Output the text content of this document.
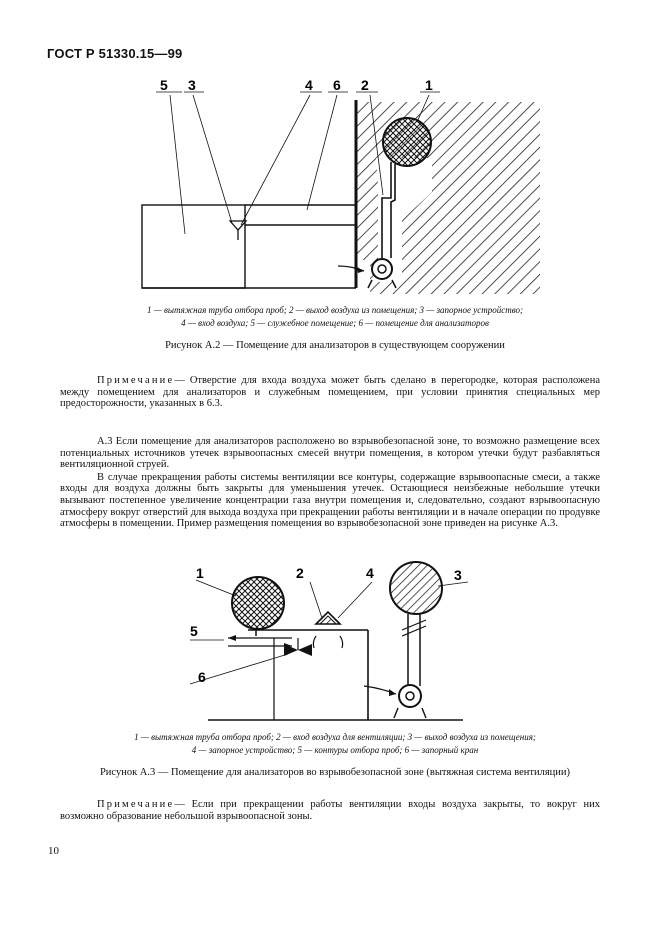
ГОСТ Р 51330.15—99
5 3	4 6 2	1
1 — вытяжная труба отбора проб; 2 — выход воздуха из помещения; 3 — запорное устройство;
4 — вход воздуха; 5 — служебное помещение; 6 — помещение для анализаторов
Рисунок А.2 — Помещение для анализаторов в существующем сооружении

Примечание— Отверстие для входа воздуха может быть сделано в перегородке, которая расположена между помещением для анализаторов и служебным помещением, при условии принятия специальных мер предосторожности, указанных в 6.3.

А.3 Если помещение для анализаторов расположено во взрывобезопасной зоне, то возможно размещение всех потенциальных источников утечек взрывоопасных смесей внутри помещения, в котором утечки будут разбавляться вентиляционной струей.

В случае прекращения работы системы вентиляции все контуры, содержащие взрывоопасные смеси, а также входы для воздуха должны быть закрыты для уменьшения утечек. Остающиеся неизбежные небольшие утечки вызывают постепенное увеличение концентрации газа внутри помещения и, следовательно, создают взрывоопасную атмосферу вокруг отверстий для выхода воздуха при прекращении работы вентиляции и в начале операции по продувке атмосферы в помещении. Пример размещения помещения во взрывобезопасной зоне приведен на рисунке А.3.

1	2	4	3
5
6
1 — вытяжная труба отбора проб; 2 — вход воздуха для вентиляции; 3 — выход воздуха из помещения;
4 — запорное устройство; 5 — контуры отбора проб; 6 — запорный кран
Рисунок А.3 — Помещение для анализаторов во взрывобезопасной зоне (вытяжная система вентиляции)

Примечание— Если при прекращении работы вентиляции входы воздуха закрыты, то вокруг них возможно образование небольшой взрывоопасной зоны.

10
